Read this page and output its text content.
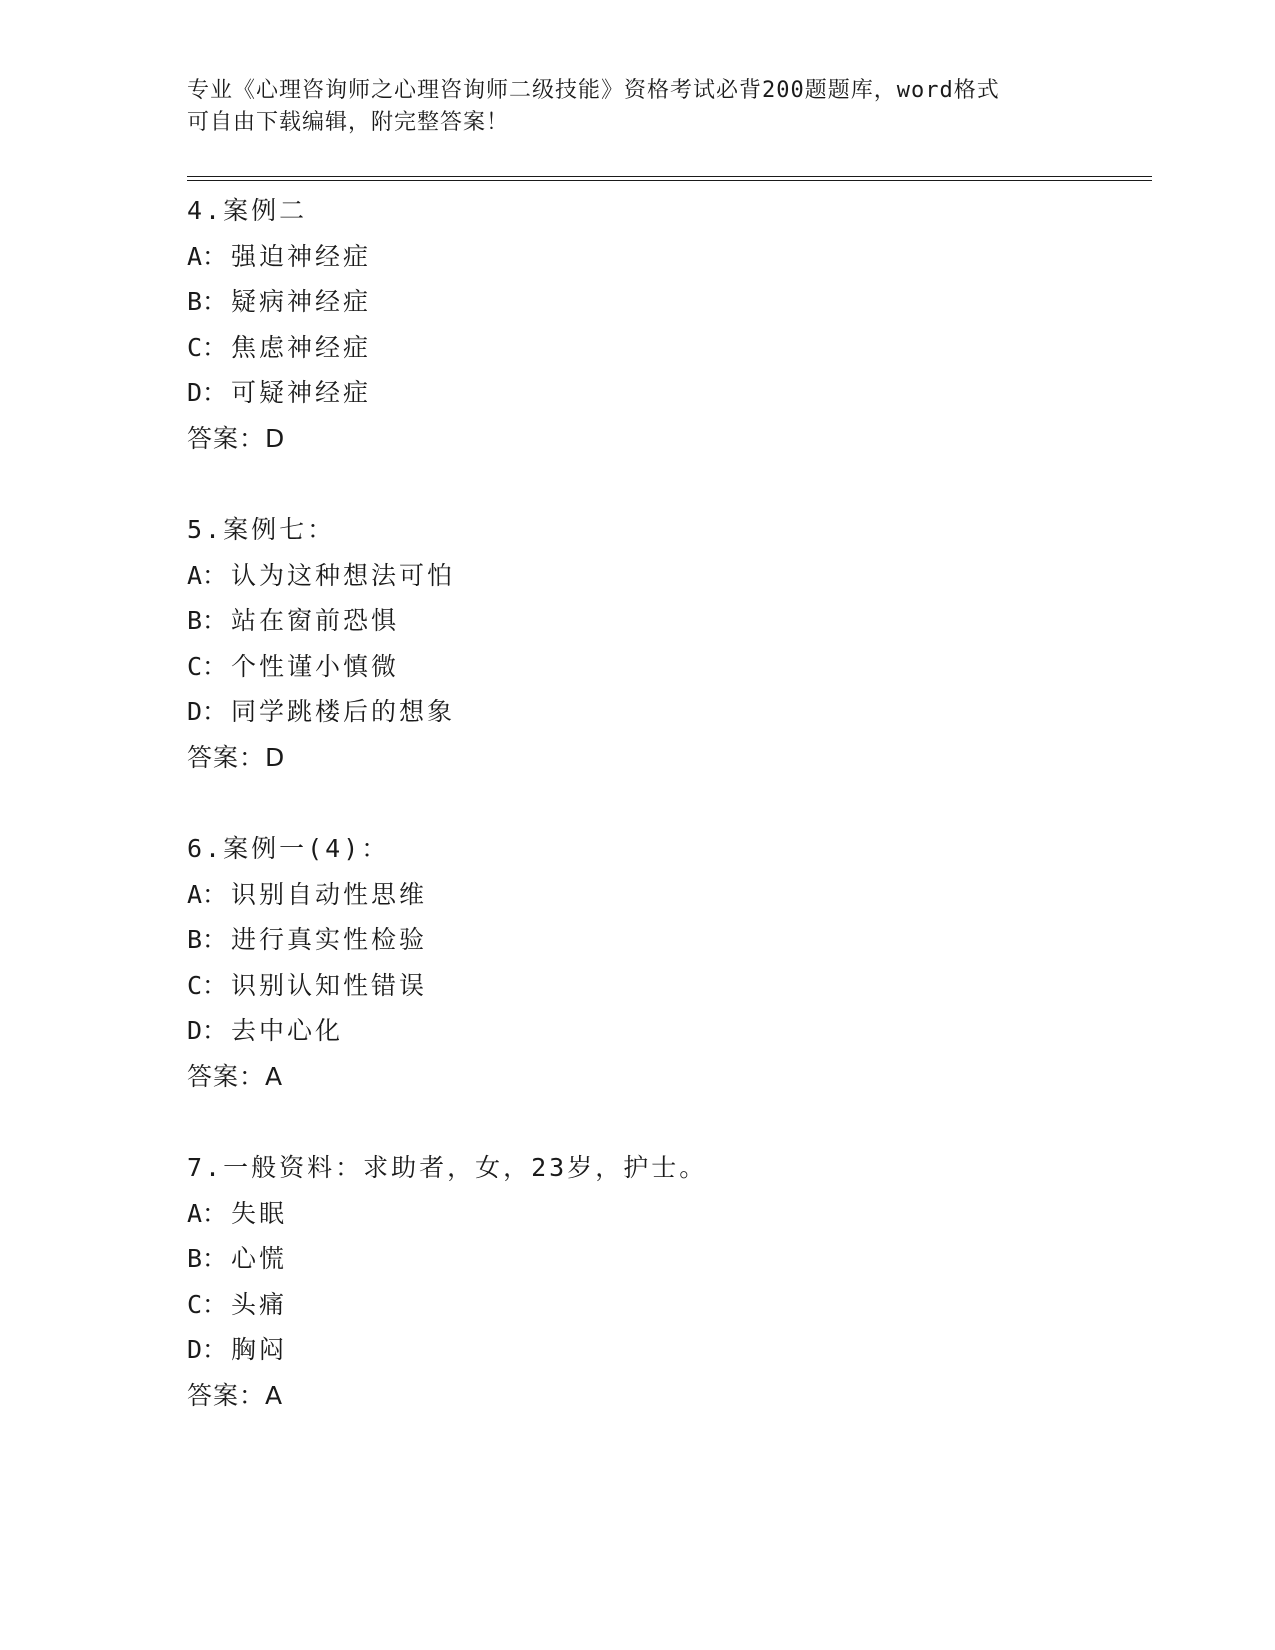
专业《心理咨询师之心理咨询师二级技能》资格考试必背200题题库，word格式
可自由下载编辑，附完整答案！
4.案例二
A： 强迫神经症
B： 疑病神经症
C： 焦虑神经症
D： 可疑神经症
答案：D
5.案例七：
A： 认为这种想法可怕
B： 站在窗前恐惧
C： 个性谨小慎微
D： 同学跳楼后的想象
答案：D
6.案例一(4)：
A： 识别自动性思维
B： 进行真实性检验
C： 识别认知性错误
D： 去中心化
答案：A
7.一般资料：求助者，女，23岁，护士。
A： 失眠
B： 心慌
C： 头痛
D： 胸闷
答案：A
